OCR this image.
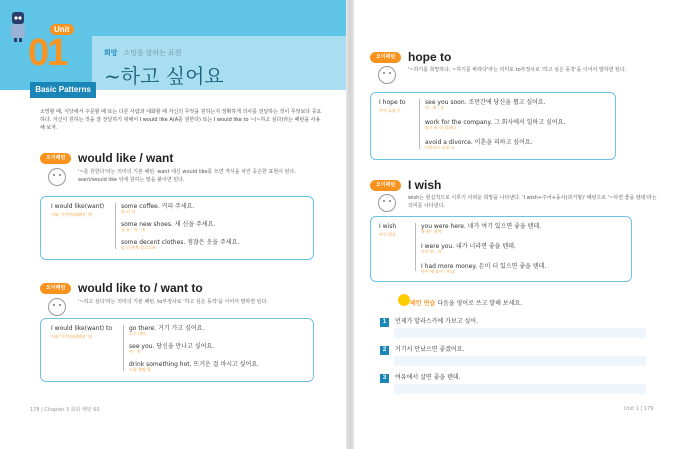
Unit
01
Basic Patterns
희망 소망을 말하는 표현
~하고 싶어요
소망할 때, 식당에서 주문할 때 또는 다른 사람과 대화할 때 자신의 무엇을 원하는지 정확하게 의사를 전달하는 것이 무엇보다 중요하다. 자신이 원하는 것을 잘 전달하기 위해서 I would like A(A를 원한다) 또는 I would like to ~(~하고 싶다)라는 패턴을 사용해 보자.
오이패턴	would like / want
'~를 원한다'라는 의미의 기본 패턴. want 대신 would like를 쓰면 격식을 차린 공손한 표현이 된다. want/would like 뒤에 원하는 말을 붙이면 된다.
I would like(want)
이외 '무엇이/대해서' 원
some coffee. 커피 주세요.
을 커 피
some new shoes. 새 신을 주세요.
좀 뉴 · 슈 · 조
some decent clothes. 점잖은 옷을 주세요.
좀 디·센트 클로드조
오이패턴	would like to / want to
'~하고 싶다'라는 의미의 기본 패턴. to부정사로 '하고 싶은 동작'을 이어서 말하면 된다.
I would like(want) to
이외 '무엇이/대해서' 원
go there. 거기 가고 싶어요.
고우 데어
see you. 당신을 만나고 싶어요.
씨 · 유
drink something hot. 뜨거운 걸 마시고 싶어요.
드링 썸띵 핫
178 | Chapter 3 회화 패턴 60
오이패턴	hope to
'~하기를 희망하다, ~하기를 바라다'라는 의미로 to부정사로 '하고 싶은 동작'을 이어서 말하면 된다.
I hope to
아이 호웁 투
see you soon. 조만간에 당신을 뵙고 싶어요.
씨 · 유 · 순
work for the company. 그 회사에서 일하고 싶어요.
월크 포 더 컴퍼니
avoid a divorce. 이혼을 피하고 싶어요.
어보이드 디보·스
오이패턴	I wish
wish는 현실적으로 이루기 어려운 희망을 나타낸다. 'I wish+주어+동사(과거형)' 패턴으로 '~라면 좋을 텐데'라는 의미를 나타낸다.
I wish
아이 위쉬
you were here. 네가 여기 있으면 좋을 텐데.
유 워 · 히어
I were you. 내가 너라면 좋을 텐데.
아이 워 · 유
I had more money. 돈이 더 있으면 좋을 텐데.
아이 햇 모어 · 머니
Unit 1 | 179
패턴 연습 다음을 영어로 쓰고 말해 보세요.
1 언제가 알라스카에 가보고 싶어.
2 거기서 만났으면 좋겠어요.
3 여유에서 살면 좋을 텐데.
